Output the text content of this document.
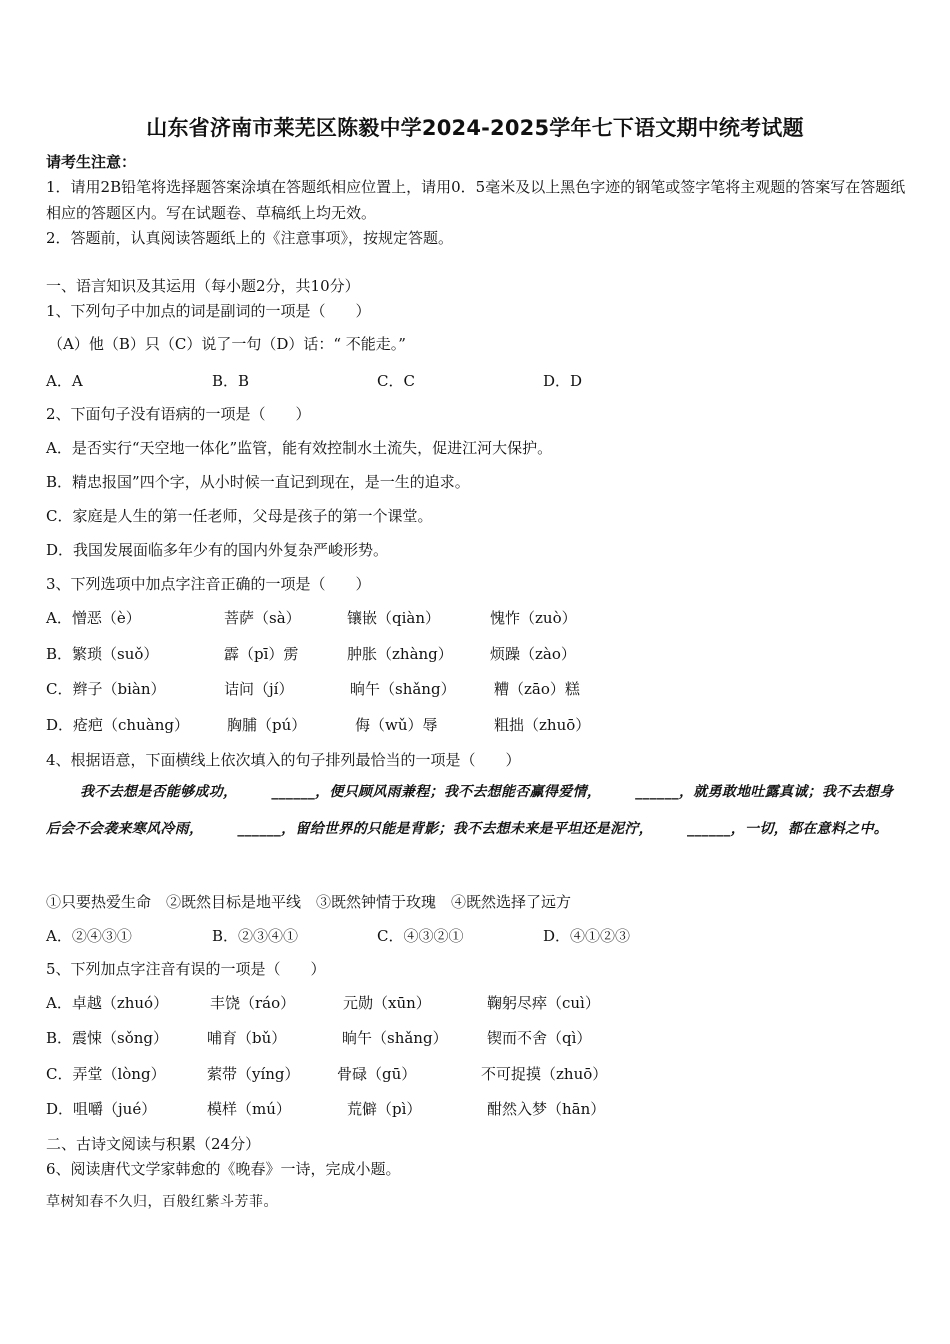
山东省济南市莱芜区陈毅中学2024-2025学年七下语文期中统考试题
请考生注意：
1．请用2B铅笔将选择题答案涂填在答题纸相应位置上，请用0．5毫米及以上黑色字迹的钢笔或签字笔将主观题的答案写在答题纸相应的答题区内。写在试题卷、草稿纸上均无效。
2．答题前，认真阅读答题纸上的《注意事项》，按规定答题。
一、语言知识及其运用（每小题2分，共10分）
1、下列句子中加点的词是副词的一项是（　　）
（A）他（B）只（C）说了一句（D）话：“ 不能走。”
A．A	B．B	C．C	D．D
2、下面句子没有语病的一项是（　　）
A．是否实行“天空地一体化”监管，能有效控制水土流失，促进江河大保护。
B．精忠报国”四个字，从小时候一直记到现在，是一生的追求。
C．家庭是人生的第一任老师，父母是孩子的第一个课堂。
D．我国发展面临多年少有的国内外复杂严峻形势。
3、下列选项中加点字注音正确的一项是（　　）
A．憎恶（è）	菩萨（sà）	镶嵌（qiàn）	愧怍（zuò）
B．繁琐（suǒ）	霹（pī）雳	肿胀（zhàng） 烦躁（zào）
C．辫子（biàn）	诘问（jí）	晌午（shǎng）	糟（zāo）糕
D．疮疤（chuàng）	胸脯（pú）	侮（wǔ）辱	粗拙（zhuō）
4、根据语意，下面横线上依次填入的句子排列最恰当的一项是（　　）
我不去想是否能够成功， ______，便只顾风雨兼程；我不去想能否赢得爱情， ______，就勇敢地吐露真诚；我不去想身后会不会袭来寒风冷雨， ______，留给世界的只能是背影；我不去想未来是平坦还是泥泞， ______，一切，都在意料之中。
①只要热爱生命　②既然目标是地平线　③既然钟情于玫瑰　④既然选择了远方
A．②④③①	B．②③④①	C．④③②①	D．④①②③
5、下列加点字注音有误的一项是（　　）
A．卓越（zhuó）	丰饶（ráo）	元勋（xūn）	鞠躬尽瘁（cuì）
B．震悚（sǒng）	哺育（bǔ）	晌午（shǎng）	锲而不舍（qì）
C．弄堂（lòng）	萦带（yíng） 骨碌（gū）	不可捉摸（zhuō）
D．咀嚼（jué）	模样（mú）	荒僻（pì）	酣然入梦（hān）
二、古诗文阅读与积累（24分）
6、阅读唐代文学家韩愈的《晚春》一诗，完成小题。
草树知春不久归，百般红紫斗芳菲。
